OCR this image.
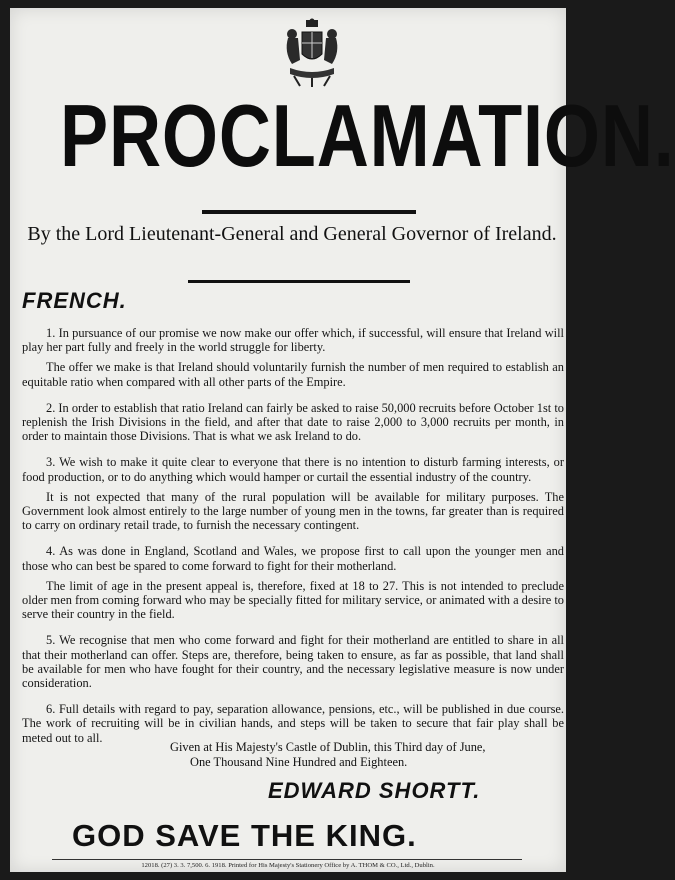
PROCLAMATION.
By the Lord Lieutenant-General and General Governor of Ireland.
FRENCH.

1. In pursuance of our promise we now make our offer which, if successful, will ensure that Ireland will play her part fully and freely in the world struggle for liberty.

The offer we make is that Ireland should voluntarily furnish the number of men required to establish an equitable ratio when compared with all other parts of the Empire.

2. In order to establish that ratio Ireland can fairly be asked to raise 50,000 recruits before October 1st to replenish the Irish Divisions in the field, and after that date to raise 2,000 to 3,000 recruits per month, in order to maintain those Divisions. That is what we ask Ireland to do.

3. We wish to make it quite clear to everyone that there is no intention to disturb farming interests, or food production, or to do anything which would hamper or curtail the essential industry of the country.

It is not expected that many of the rural population will be available for military purposes. The Government look almost entirely to the large number of young men in the towns, far greater than is required to carry on ordinary retail trade, to furnish the necessary contingent.

4. As was done in England, Scotland and Wales, we propose first to call upon the younger men and those who can best be spared to come forward to fight for their motherland.

The limit of age in the present appeal is, therefore, fixed at 18 to 27. This is not intended to preclude older men from coming forward who may be specially fitted for military service, or animated with a desire to serve their country in the field.

5. We recognise that men who come forward and fight for their motherland are entitled to share in all that their motherland can offer. Steps are, therefore, being taken to ensure, as far as possible, that land shall be available for men who have fought for their country, and the necessary legislative measure is now under consideration.

6. Full details with regard to pay, separation allowance, pensions, etc., will be published in due course. The work of recruiting will be in civilian hands, and steps will be taken to secure that fair play shall be meted out to all.

Given at His Majesty's Castle of Dublin, this Third day of June,
One Thousand Nine Hundred and Eighteen.
EDWARD SHORTT.
GOD SAVE THE KING.
12018. (27) 3. 3. 7,500. 6. 1918. Printed for His Majesty's Stationery Office by A. THOM & CO., Ltd., Dublin.
